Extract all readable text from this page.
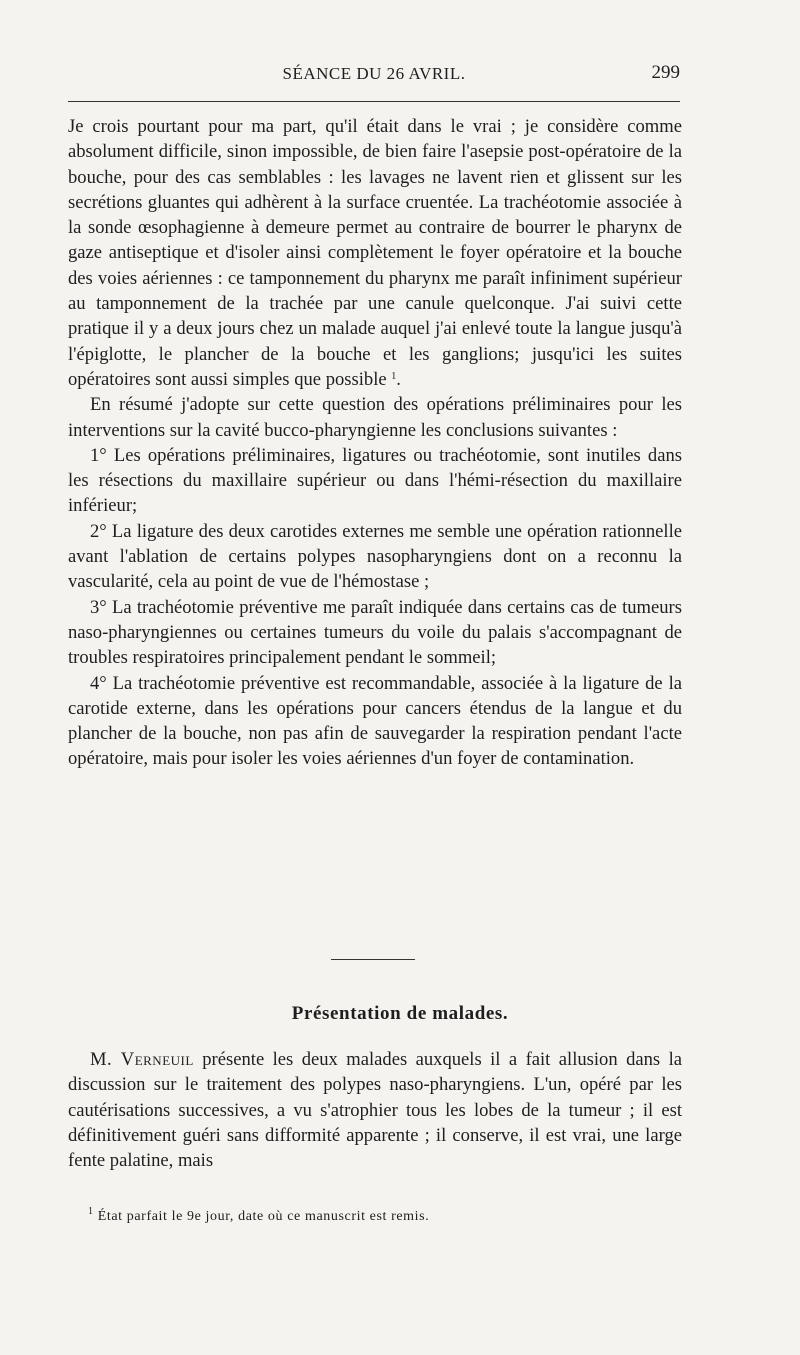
SÉANCE DU 26 AVRIL.	299

Je crois pourtant pour ma part, qu'il était dans le vrai ; je considère comme absolument difficile, sinon impossible, de bien faire l'asepsie post-opératoire de la bouche, pour des cas semblables : les lavages ne lavent rien et glissent sur les secrétions gluantes qui adhèrent à la surface cruentée. La trachéotomie associée à la sonde œsophagienne à demeure permet au contraire de bourrer le pharynx de gaze antiseptique et d'isoler ainsi complètement le foyer opératoire et la bouche des voies aériennes : ce tamponnement du pharynx me paraît infiniment supérieur au tamponnement de la trachée par une canule quelconque. J'ai suivi cette pratique il y a deux jours chez un malade auquel j'ai enlevé toute la langue jusqu'à l'épiglotte, le plancher de la bouche et les ganglions; jusqu'ici les suites opératoires sont aussi simples que possible $^1$.

En résumé j'adopte sur cette question des opérations préliminaires pour les interventions sur la cavité bucco-pharyngienne les conclusions suivantes :

1° Les opérations préliminaires, ligatures ou trachéotomie, sont inutiles dans les résections du maxillaire supérieur ou dans l'hémi-résection du maxillaire inférieur;

2° La ligature des deux carotides externes me semble une opération rationnelle avant l'ablation de certains polypes nasopharyngiens dont on a reconnu la vascularité, cela au point de vue de l'hémostase ;

3° La trachéotomie préventive me paraît indiquée dans certains cas de tumeurs naso-pharyngiennes ou certaines tumeurs du voile du palais s'accompagnant de troubles respiratoires principalement pendant le sommeil;

4° La trachéotomie préventive est recommandable, associée à la ligature de la carotide externe, dans les opérations pour cancers étendus de la langue et du plancher de la bouche, non pas afin de sauvegarder la respiration pendant l'acte opératoire, mais pour isoler les voies aériennes d'un foyer de contamination.

Présentation de malades.

M. Verneuil présente les deux malades auxquels il a fait allusion dans la discussion sur le traitement des polypes naso-pharyngiens. L'un, opéré par les cautérisations successives, a vu s'atrophier tous les lobes de la tumeur ; il est définitivement guéri sans difformité apparente ; il conserve, il est vrai, une large fente palatine, mais

$^1$ État parfait le 9e jour, date où ce manuscrit est remis.
